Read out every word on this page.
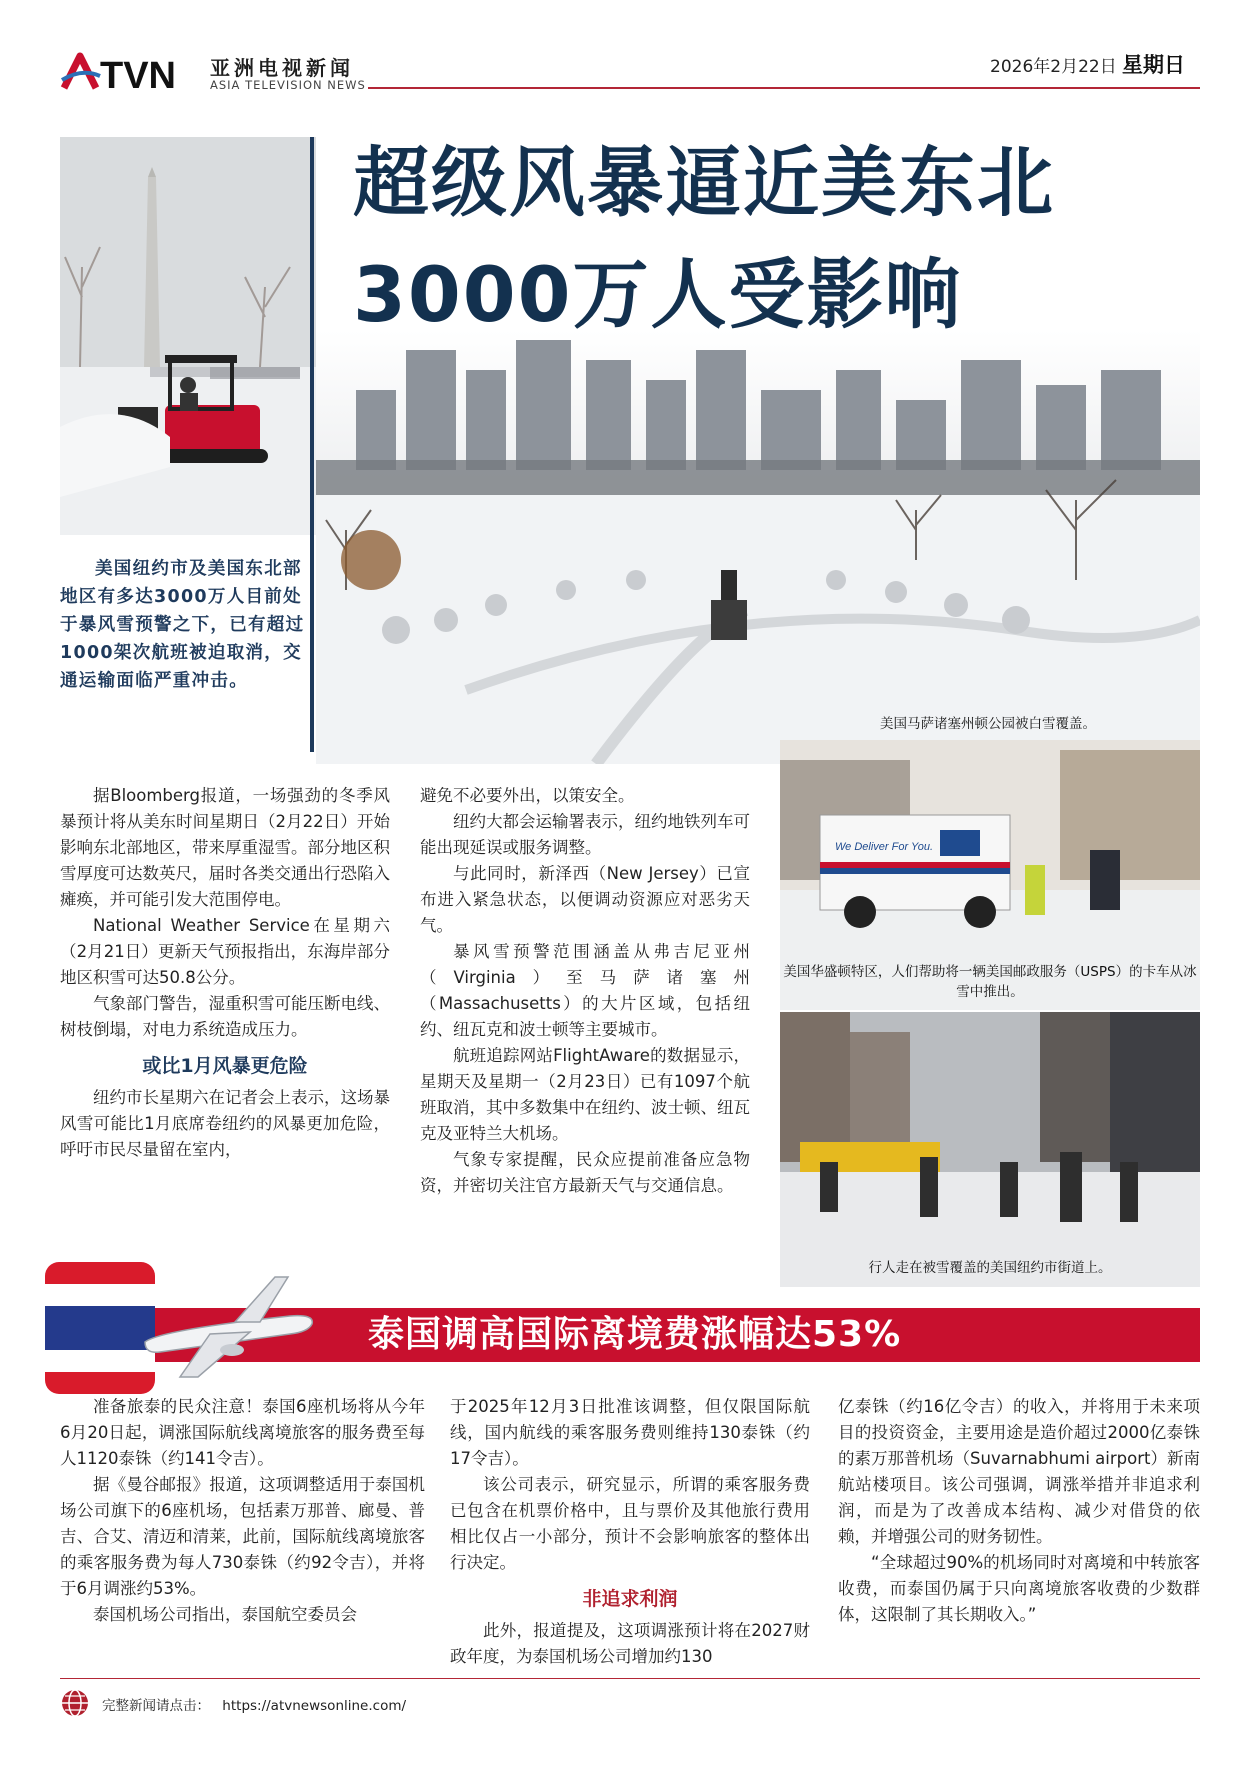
TVN 亚洲电视新闻
ASIA TELEVISION NEWS
2026年2月22日 星期日

美国纽约市及美国东北部地区有多达3000万人目前处于暴风雪预警之下，已有超过1000架次航班被迫取消，交通运输面临严重冲击。

美国马萨诸塞州顿公园被白雪覆盖。
超级风暴逼近美东北
3000万人受影响
We Deliver For You.
美国华盛顿特区，人们帮助将一辆美国邮政服务（USPS）的卡车从冰雪中推出。
行人走在被雪覆盖的美国纽约市街道上。

据Bloomberg报道，一场强劲的冬季风暴预计将从美东时间星期日（2月22日）开始影响东北部地区，带来厚重湿雪。部分地区积雪厚度可达数英尺，届时各类交通出行恐陷入瘫痪，并可能引发大范围停电。

National Weather Service在星期六（2月21日）更新天气预报指出，东海岸部分地区积雪可达50.8公分。

气象部门警告，湿重积雪可能压断电线、树枝倒塌，对电力系统造成压力。

或比1月风暴更危险

纽约市长星期六在记者会上表示，这场暴风雪可能比1月底席卷纽约的风暴更加危险，呼吁市民尽量留在室内，

避免不必要外出，以策安全。

纽约大都会运输署表示，纽约地铁列车可能出现延误或服务调整。

与此同时，新泽西（New Jersey）已宣布进入紧急状态，以便调动资源应对恶劣天气。

暴风雪预警范围涵盖从弗吉尼亚州（Virginia）至马萨诸塞州（Massachusetts）的大片区域，包括纽约、纽瓦克和波士顿等主要城市。

航班追踪网站FlightAware的数据显示，星期天及星期一（2月23日）已有1097个航班取消，其中多数集中在纽约、波士顿、纽瓦克及亚特兰大机场。

气象专家提醒，民众应提前准备应急物资，并密切关注官方最新天气与交通信息。

泰国调高国际离境费涨幅达53%

准备旅泰的民众注意！泰国6座机场将从今年6月20日起，调涨国际航线离境旅客的服务费至每人1120泰铢（约141令吉）。

据《曼谷邮报》报道，这项调整适用于泰国机场公司旗下的6座机场，包括素万那普、廊曼、普吉、合艾、清迈和清莱，此前，国际航线离境旅客的乘客服务费为每人730泰铢（约92令吉），并将于6月调涨约53%。

泰国机场公司指出，泰国航空委员会

于2025年12月3日批准该调整，但仅限国际航线，国内航线的乘客服务费则维持130泰铢（约17令吉）。

该公司表示，研究显示，所谓的乘客服务费已包含在机票价格中，且与票价及其他旅行费用相比仅占一小部分，预计不会影响旅客的整体出行决定。

非追求利润

此外，报道提及，这项调涨预计将在2027财政年度，为泰国机场公司增加约130

亿泰铢（约16亿令吉）的收入，并将用于未来项目的投资资金，主要用途是造价超过2000亿泰铢的素万那普机场（Suvarnabhumi airport）新南航站楼项目。该公司强调，调涨举措并非追求利润，而是为了改善成本结构、减少对借贷的依赖，并增强公司的财务韧性。

“全球超过90%的机场同时对离境和中转旅客收费，而泰国仍属于只向离境旅客收费的少数群体，这限制了其长期收入。”

完整新闻请点击： https://atvnewsonline.com/
